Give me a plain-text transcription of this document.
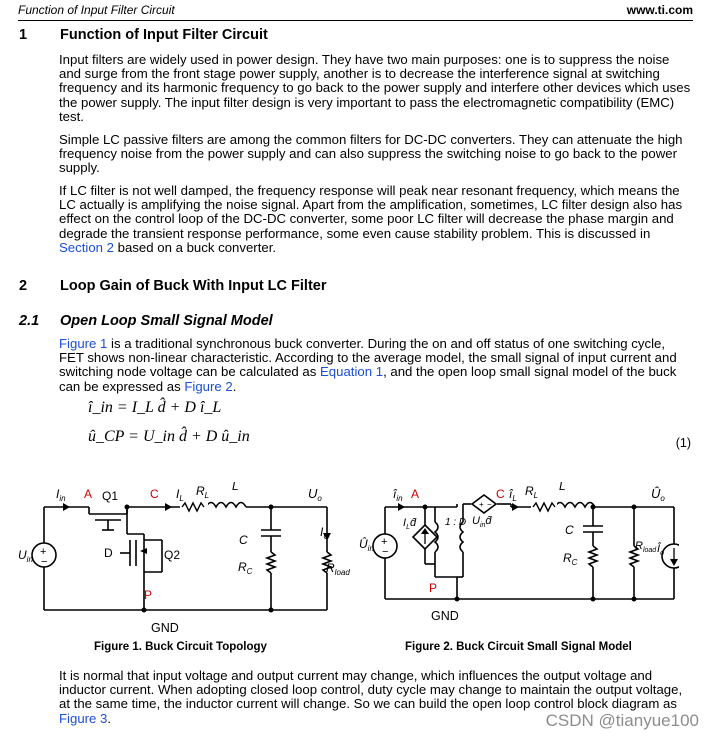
Function of Input Filter Circuit	www.ti.com
1 Function of Input Filter Circuit
Input filters are widely used in power design. They have two main purposes: one is to suppress the noise and surge from the front stage power supply, another is to decrease the interference signal at switching frequency and its harmonic frequency to go back to the power supply and interfere other devices which uses the power supply. The input filter design is very important to pass the electromagnetic compatibility (EMC) test.
Simple LC passive filters are among the common filters for DC-DC converters. They can attenuate the high frequency noise from the power supply and can also suppress the switching noise to go back to the power supply.
If LC filter is not well damped, the frequency response will peak near resonant frequency, which means the LC actually is amplifying the noise signal. Apart from the amplification, sometimes, LC filter design also has effect on the control loop of the DC-DC converter, some poor LC filter will decrease the phase margin and degrade the transient response performance, some even cause stability problem. This is discussed in Section 2 based on a buck converter.
2 Loop Gain of Buck With Input LC Filter
2.1 Open Loop Small Signal Model
Figure 1 is a traditional synchronous buck converter. During the on and off status of one switching cycle, FET shows non-linear characteristic. According to the average model, the small signal of input current and switching node voltage can be calculated as Equation 1, and the open loop small signal model of the buck can be expressed as Figure 2.
î_in = I_L d̂ + D î_L
û_CP = U_in d̂ + D û_in	(1)
$I_{in}$ A Q1	C $I_L$
$R_L$
L	$U_o$
$I_O$
C
$R_C$	$R_{load}$
$U_{in}$
+
−
D	Q2
P
GND
Figure 1. Buck Circuit Topology
+ −
$î_{in}$ A	C $î_L$
$R_L$
L	$Û_o$
$I_Ld̂$	1 : D $U_{in}d̂$
$Û_{in}$
+
−
C
$R_C$
$R_{load}$ $Î_o$
P
GND
Figure 2. Buck Circuit Small Signal Model
It is normal that input voltage and output current may change, which influences the output voltage and inductor current. When adopting closed loop control, duty cycle may change to maintain the output voltage, at the same time, the inductor current will change. So we can build the open loop control block diagram as Figure 3.	CSDN @tianyue100
